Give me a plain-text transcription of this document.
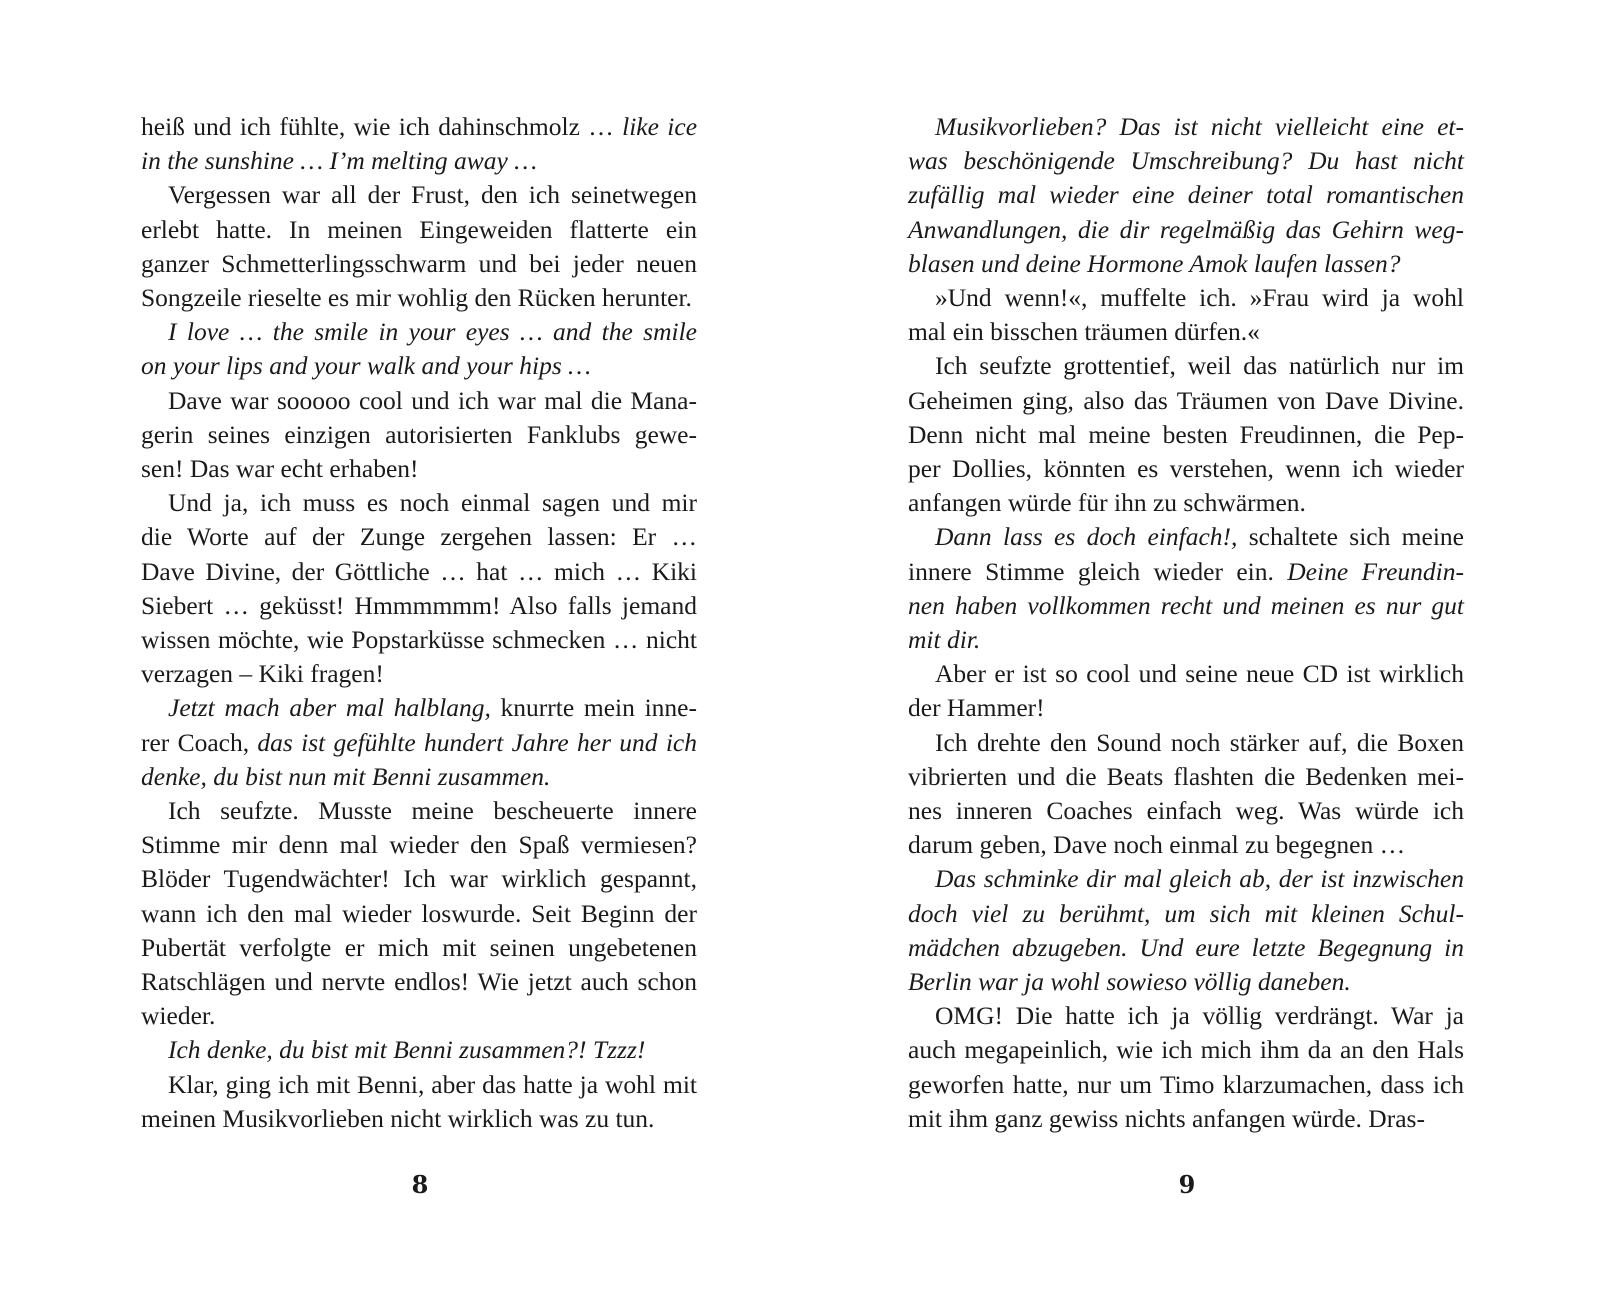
heiß und ich fühlte, wie ich dahinschmolz … like ice
in the sunshine … I’m melting away …
Vergessen war all der Frust, den ich seinetwegen
erlebt hatte. In meinen Eingeweiden flatterte ein
ganzer Schmetterlingsschwarm und bei jeder neuen
Songzeile rieselte es mir wohlig den Rücken herunter.
I love … the smile in your eyes … and the smile
on your lips and your walk and your hips …
Dave war sooooo cool und ich war mal die Mana-
gerin seines einzigen autorisierten Fanklubs gewe-
sen! Das war echt erhaben!
Und ja, ich muss es noch einmal sagen und mir
die Worte auf der Zunge zergehen lassen: Er …
Dave Divine, der Göttliche … hat … mich … Kiki
Siebert … geküsst! Hmmmmmm! Also falls jemand
wissen möchte, wie Popstarküsse schmecken … nicht
verzagen – Kiki fragen!
Jetzt mach aber mal halblang, knurrte mein inne-
rer Coach, das ist gefühlte hundert Jahre her und ich
denke, du bist nun mit Benni zusammen.
Ich seufzte. Musste meine bescheuerte innere
Stimme mir denn mal wieder den Spaß vermiesen?
Blöder Tugendwächter! Ich war wirklich gespannt,
wann ich den mal wieder loswurde. Seit Beginn der
Pubertät verfolgte er mich mit seinen ungebetenen
Ratschlägen und nervte endlos! Wie jetzt auch schon
wieder.
Ich denke, du bist mit Benni zusammen?! Tzzz!
Klar, ging ich mit Benni, aber das hatte ja wohl mit
meinen Musikvorlieben nicht wirklich was zu tun.
Musikvorlieben? Das ist nicht vielleicht eine et-
was beschönigende Umschreibung? Du hast nicht
zufällig mal wieder eine deiner total romantischen
Anwandlungen, die dir regelmäßig das Gehirn weg-
blasen und deine Hormone Amok laufen lassen?
»Und wenn!«, muffelte ich. »Frau wird ja wohl
mal ein bisschen träumen dürfen.«
Ich seufzte grottentief, weil das natürlich nur im
Geheimen ging, also das Träumen von Dave Divine.
Denn nicht mal meine besten Freudinnen, die Pep-
per Dollies, könnten es verstehen, wenn ich wieder
anfangen würde für ihn zu schwärmen.
Dann lass es doch einfach!, schaltete sich meine
innere Stimme gleich wieder ein. Deine Freundin-
nen haben vollkommen recht und meinen es nur gut
mit dir.
Aber er ist so cool und seine neue CD ist wirklich
der Hammer!
Ich drehte den Sound noch stärker auf, die Boxen
vibrierten und die Beats flashten die Bedenken mei-
nes inneren Coaches einfach weg. Was würde ich
darum geben, Dave noch einmal zu begegnen …
Das schminke dir mal gleich ab, der ist inzwischen
doch viel zu berühmt, um sich mit kleinen Schul-
mädchen abzugeben. Und eure letzte Begegnung in
Berlin war ja wohl sowieso völlig daneben.
OMG! Die hatte ich ja völlig verdrängt. War ja
auch megapeinlich, wie ich mich ihm da an den Hals
geworfen hatte, nur um Timo klarzumachen, dass ich
mit ihm ganz gewiss nichts anfangen würde. Dras-
8	9
